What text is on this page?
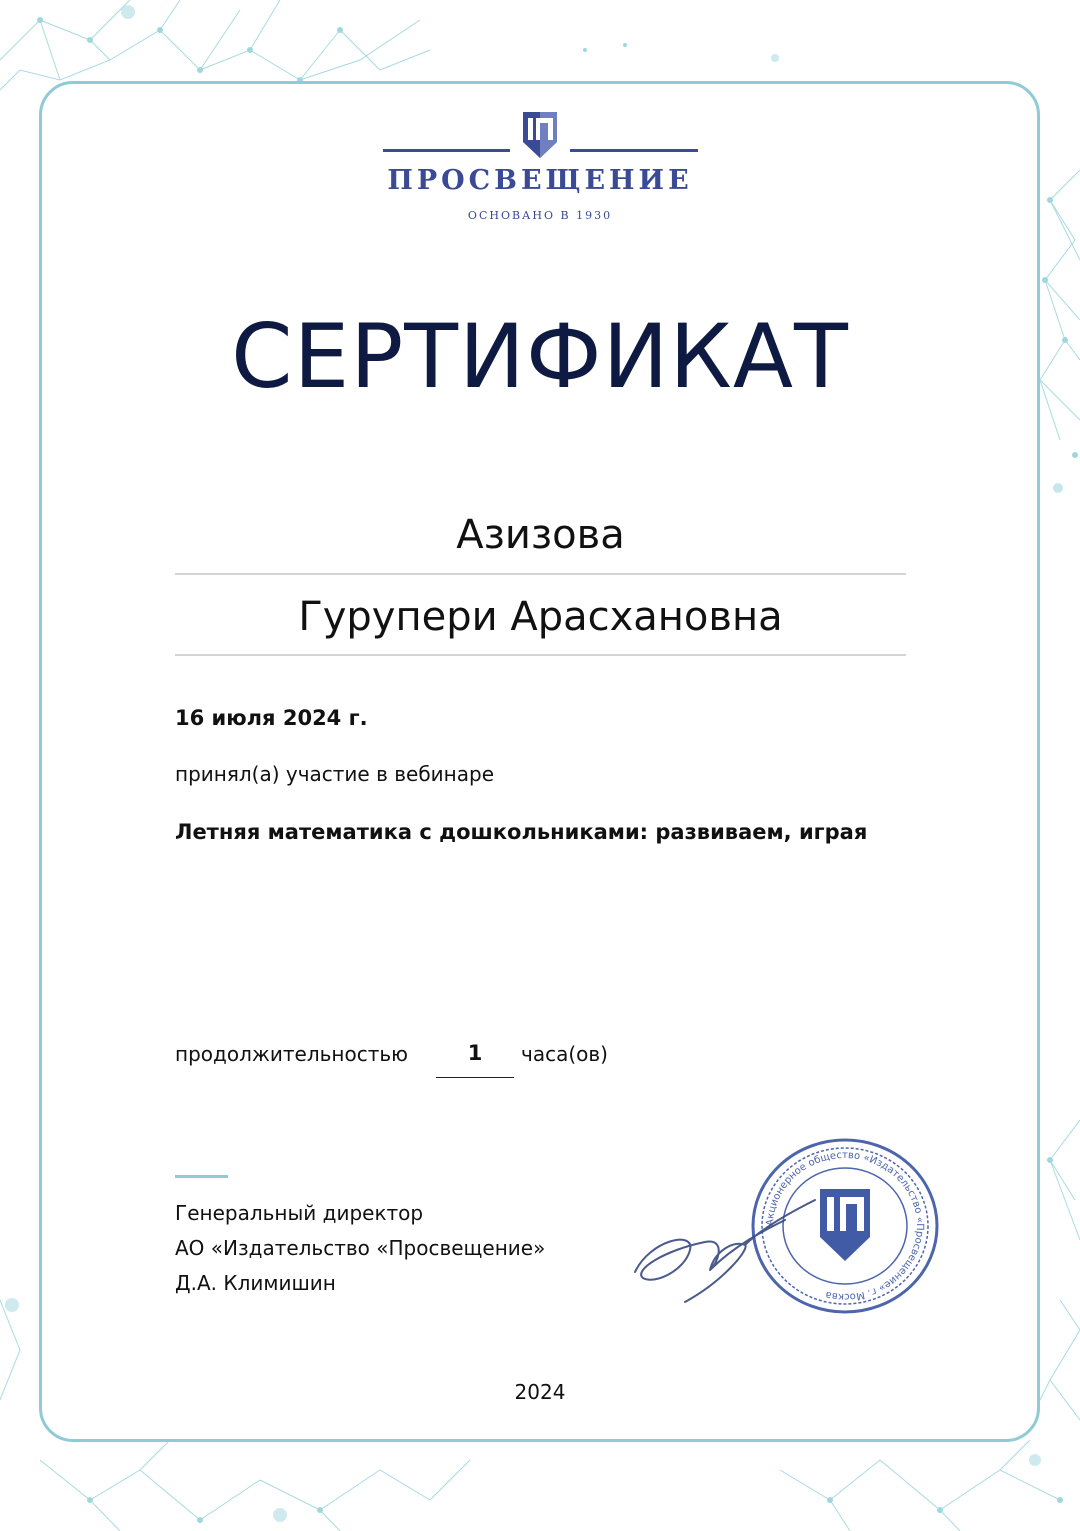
ПРОСВЕЩЕНИЕ
ОСНОВАНО В 1930
СЕРТИФИКАТ
Азизова
Гурупери Арасхановна
16 июля 2024 г.
принял(а) участие в вебинаре
Летняя математика с дошкольниками: развиваем, играя
продолжительностью	1	часа(ов)
Генеральный директор
АО «Издательство «Просвещение»
Д.А. Климишин
Акционерное общество «Издательство «Просвещение» г. Москва
2024
